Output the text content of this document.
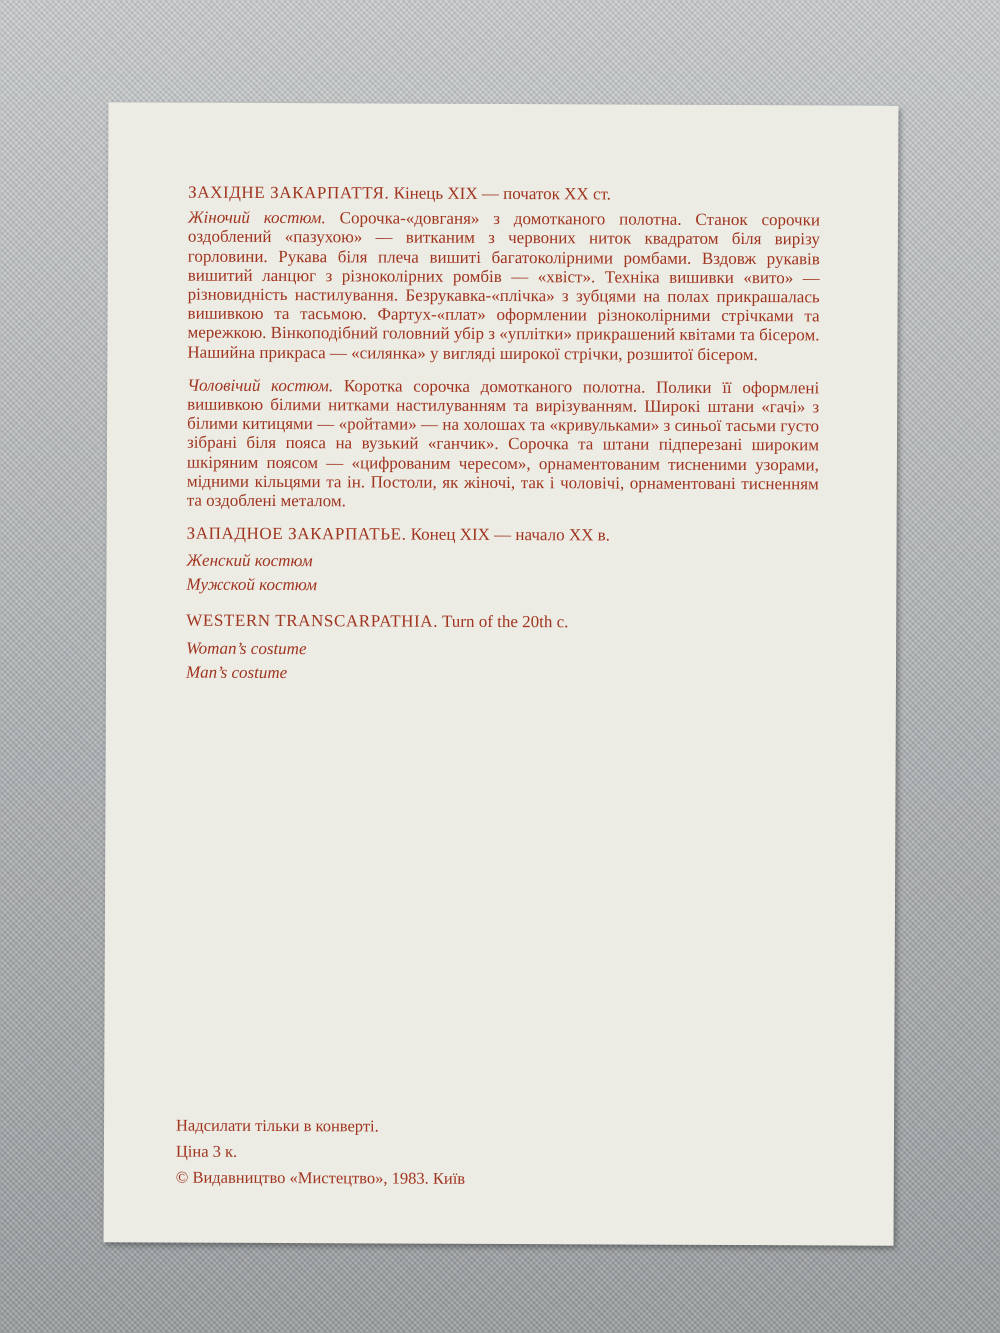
ЗАХІДНЕ ЗАКАРПАТТЯ. Кінець XIX — початок XX ст.

Жіночий костюм. Сорочка-«довганя» з домотканого полотна. Станок сорочки оздоблений «пазухою» — витканим з червоних ниток квадратом біля вирізу горловини. Рукава біля плеча вишиті багатоколірними ромбами. Вздовж рукавів вишитий ланцюг з різноколірних ромбів — «хвіст». Техніка вишивки «вито» — різновидність настилування. Безрукавка-«плічка» з зубцями на полах прикрашалась вишивкою та тасьмою. Фартух-«плат» оформлении різноколірними стрічками та мережкою. Вінкоподібний головний убір з «уплітки» прикрашений квітами та бісером. Нашийна прикраса — «силянка» у вигляді широкої стрічки, розшитої бісером.

Чоловічий костюм. Коротка сорочка домотканого полотна. Полики її оформлені вишивкою білими нитками настилуванням та вирізуванням. Широкі штани «гачі» з білими китицями — «ройтами» — на холошах та «кривульками» з синьої тасьми густо зібрані біля пояса на вузький «ганчик». Сорочка та штани підперезані широким шкіряним поясом — «цифрованим чересом», орнаментованим тисненими узорами, мідними кільцями та ін. Постоли, як жіночі, так і чоловічі, орнаментовані тисненням та оздоблені металом.

ЗАПАДНОЕ ЗАКАРПАТЬЕ. Конец XIX — начало XX в.

Женский костюм

Мужской костюм

WESTERN TRANSCARPATHIA. Turn of the 20th c.

Woman’s costume

Man’s costume

Надсилати тільки в конверті.
Ціна 3 к.
© Видавництво «Мистецтво», 1983. Київ
